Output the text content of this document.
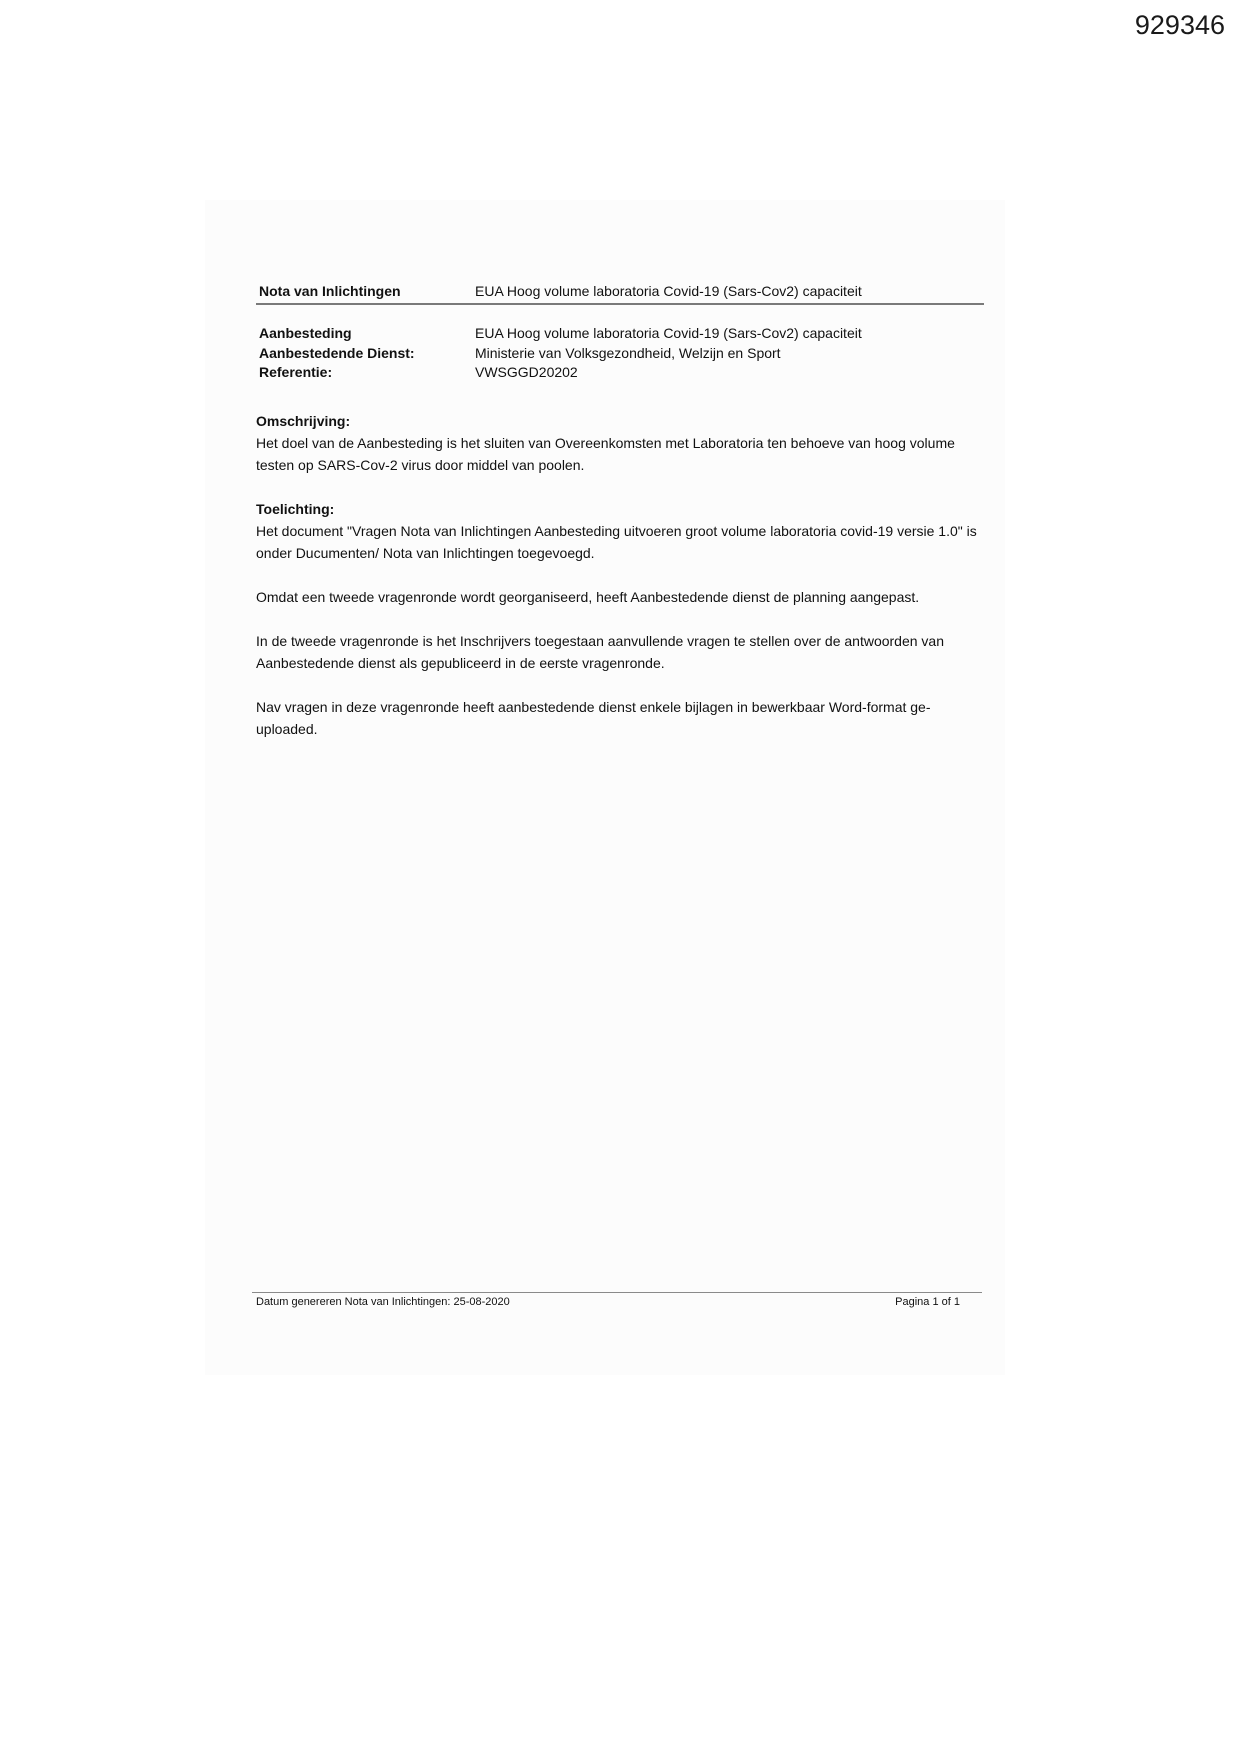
929346
Nota van Inlichtingen	EUA Hoog volume laboratoria Covid-19 (Sars-Cov2) capaciteit
Aanbesteding	EUA Hoog volume laboratoria Covid-19 (Sars-Cov2) capaciteit
Aanbestedende Dienst:	Ministerie van Volksgezondheid, Welzijn en Sport
Referentie:	VWSGGD20202

Omschrijving:

Het doel van de Aanbesteding is het sluiten van Overeenkomsten met Laboratoria ten behoeve van hoog volume testen op SARS-Cov-2 virus door middel van poolen.

Toelichting:

Het document "Vragen Nota van Inlichtingen Aanbesteding uitvoeren groot volume laboratoria covid-19 versie 1.0" is onder Ducumenten/ Nota van Inlichtingen toegevoegd.

Omdat een tweede vragenronde wordt georganiseerd, heeft Aanbestedende dienst de planning aangepast.

In de tweede vragenronde is het Inschrijvers toegestaan aanvullende vragen te stellen over de antwoorden van Aanbestedende dienst als gepubliceerd in de eerste vragenronde.

Nav vragen in deze vragenronde heeft aanbestedende dienst enkele bijlagen in bewerkbaar Word-format ge-uploaded.

Datum genereren Nota van Inlichtingen: 25-08-2020	Pagina 1 of 1
